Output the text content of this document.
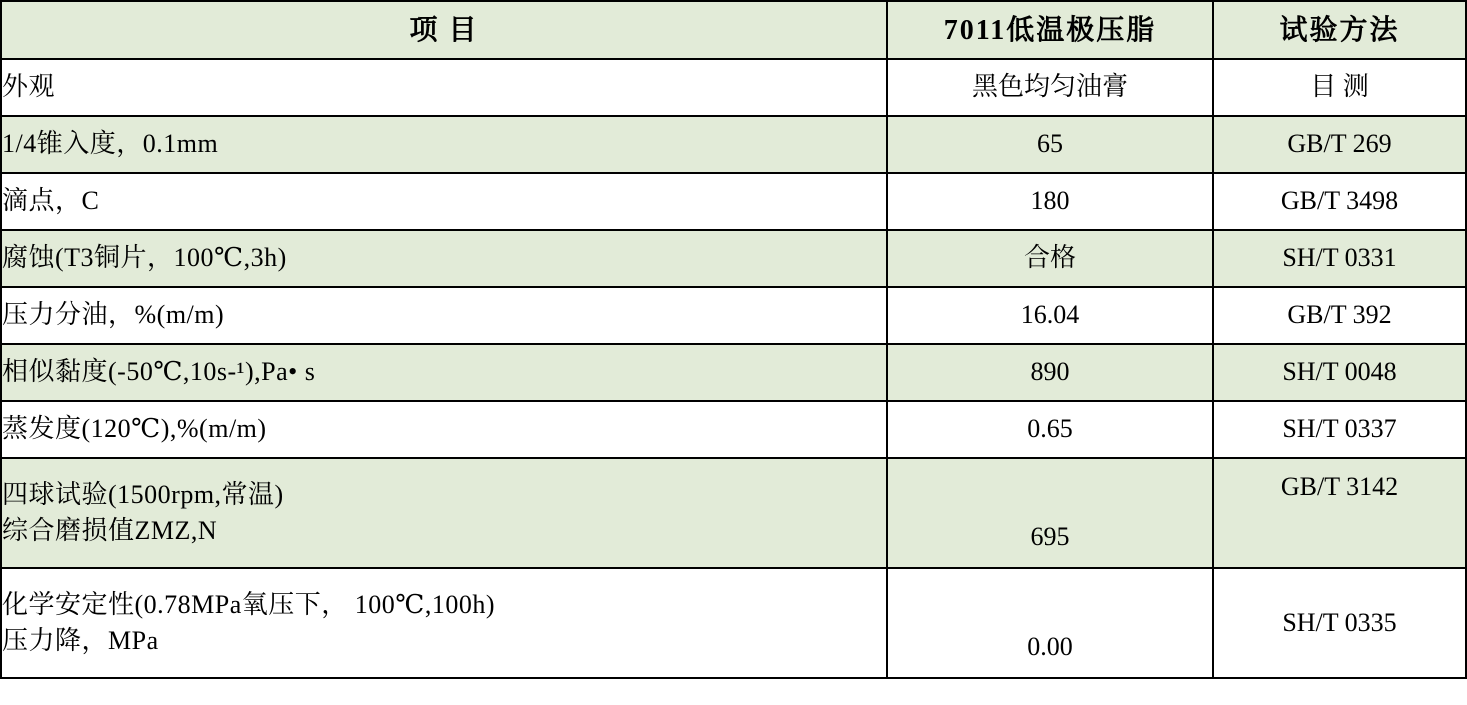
项 目	7011低温极压脂	试验方法
外观	黑色均匀油膏	目 测
1/4锥入度，0.1mm	65	GB/T 269
滴点，C	180	GB/T 3498
腐蚀(T3铜片，100℃,3h)	合格	SH/T 0331
压力分油，%(m/m)	16.04	GB/T 392
相似黏度(-50℃,10s-¹),Pa• s	890	SH/T 0048
蒸发度(120℃),%(m/m)	0.65	SH/T 0337

四球试验(1500rpm,常温)
综合磨损值ZMZ,N	695	GB/T 3142

化学安定性(0.78MPa氧压下， 100℃,100h)
压力降，MPa	0.00	SH/T 0335
